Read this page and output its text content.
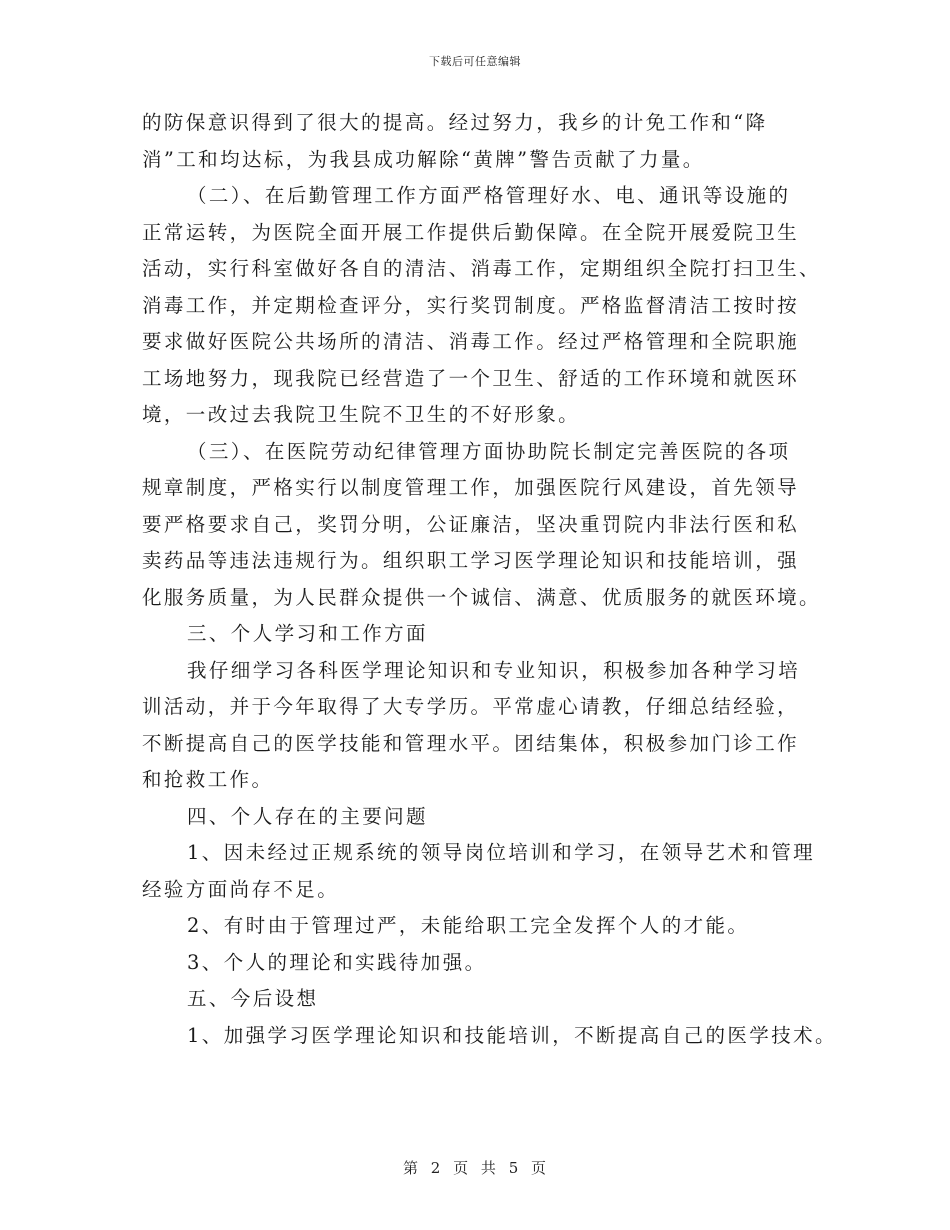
下载后可任意编辑
的防保意识得到了很大的提高。经过努力，我乡的计免工作和“降
消”工和均达标，为我县成功解除“黄牌”警告贡献了力量。
（二）、在后勤管理工作方面严格管理好水、电、通讯等设施的
正常运转，为医院全面开展工作提供后勤保障。在全院开展爱院卫生
活动，实行科室做好各自的清洁、消毒工作，定期组织全院打扫卫生、
消毒工作，并定期检查评分，实行奖罚制度。严格监督清洁工按时按
要求做好医院公共场所的清洁、消毒工作。经过严格管理和全院职施
工场地努力，现我院已经营造了一个卫生、舒适的工作环境和就医环
境，一改过去我院卫生院不卫生的不好形象。
（三）、在医院劳动纪律管理方面协助院长制定完善医院的各项
规章制度，严格实行以制度管理工作，加强医院行风建设，首先领导
要严格要求自己，奖罚分明，公证廉洁，坚决重罚院内非法行医和私
卖药品等违法违规行为。组织职工学习医学理论知识和技能培训，强
化服务质量，为人民群众提供一个诚信、满意、优质服务的就医环境。
三、个人学习和工作方面
我仔细学习各科医学理论知识和专业知识，积极参加各种学习培
训活动，并于今年取得了大专学历。平常虚心请教，仔细总结经验，
不断提高自己的医学技能和管理水平。团结集体，积极参加门诊工作
和抢救工作。
四、个人存在的主要问题
1、因未经过正规系统的领导岗位培训和学习，在领导艺术和管理
经验方面尚存不足。
2、有时由于管理过严，未能给职工完全发挥个人的才能。
3、个人的理论和实践待加强。
五、今后设想
1、加强学习医学理论知识和技能培训，不断提高自己的医学技术。
第 2 页 共 5 页
